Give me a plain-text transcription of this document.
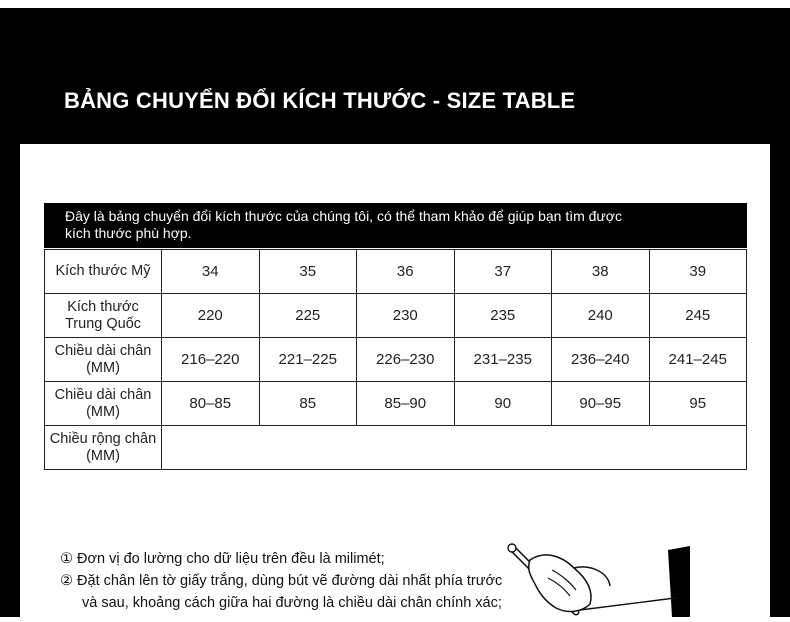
BẢNG CHUYỂN ĐỔI KÍCH THƯỚC - SIZE TABLE
Đây là bảng chuyển đổi kích thước của chúng tôi, có thể tham khảo để giúp bạn tìm được
kích thước phù hợp.
Kích thước Mỹ	34	35	36	37	38	39

Kích thước
Trung Quốc	220	225	230	235	240	245

Chiều dài chân
(MM)	216–220	221–225	226–230	231–235	236–240	241–245

Chiều dài chân
(MM)	80–85	85	85–90	90	90–95	95

Chiều rộng chân
(MM)						

① Đơn vị đo lường cho dữ liệu trên đều là milimét;
② Đặt chân lên tờ giấy trắng, dùng bút vẽ đường dài nhất phía trước
và sau, khoảng cách giữa hai đường là chiều dài chân chính xác;
